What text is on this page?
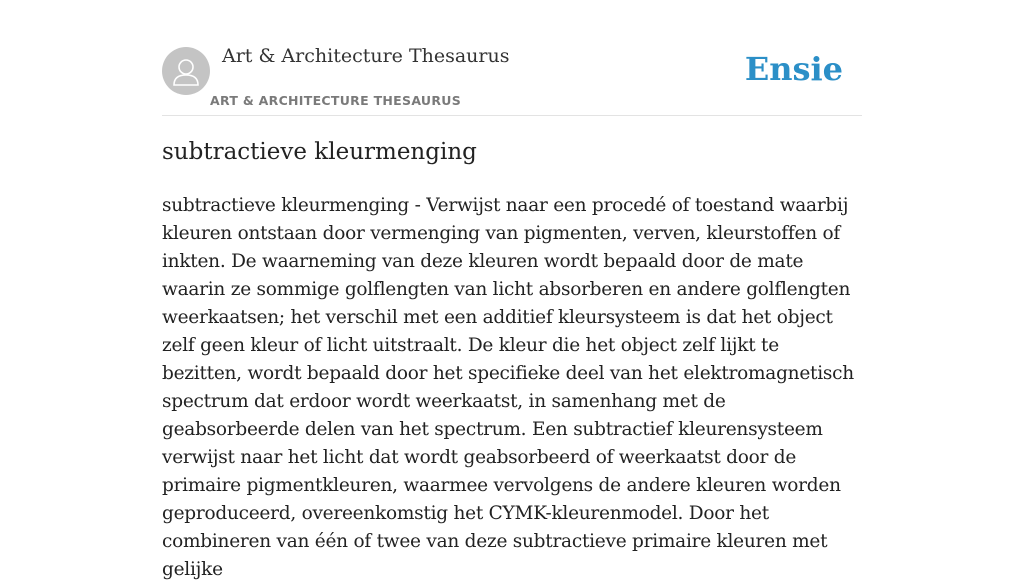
Art & Architecture Thesaurus
ART & ARCHITECTURE THESAURUS
Ensie
subtractieve kleurmenging

subtractieve kleurmenging - Verwijst naar een procedé of toestand waarbij kleuren ontstaan door vermenging van pigmenten, verven, kleurstoffen of inkten. De waarneming van deze kleuren wordt bepaald door de mate waarin ze sommige golflengten van licht absorberen en andere golflengten weerkaatsen; het verschil met een additief kleursysteem is dat het object zelf geen kleur of licht uitstraalt. De kleur die het object zelf lijkt te bezitten, wordt bepaald door het specifieke deel van het elektromagnetisch spectrum dat erdoor wordt weerkaatst, in samenhang met de geabsorbeerde delen van het spectrum. Een subtractief kleurensysteem verwijst naar het licht dat wordt geabsorbeerd of weerkaatst door de primaire pigmentkleuren, waarmee vervolgens de andere kleuren worden geproduceerd, overeenkomstig het CYMK-kleurenmodel. Door het combineren van één of twee van deze subtractieve primaire kleuren met gelijke
